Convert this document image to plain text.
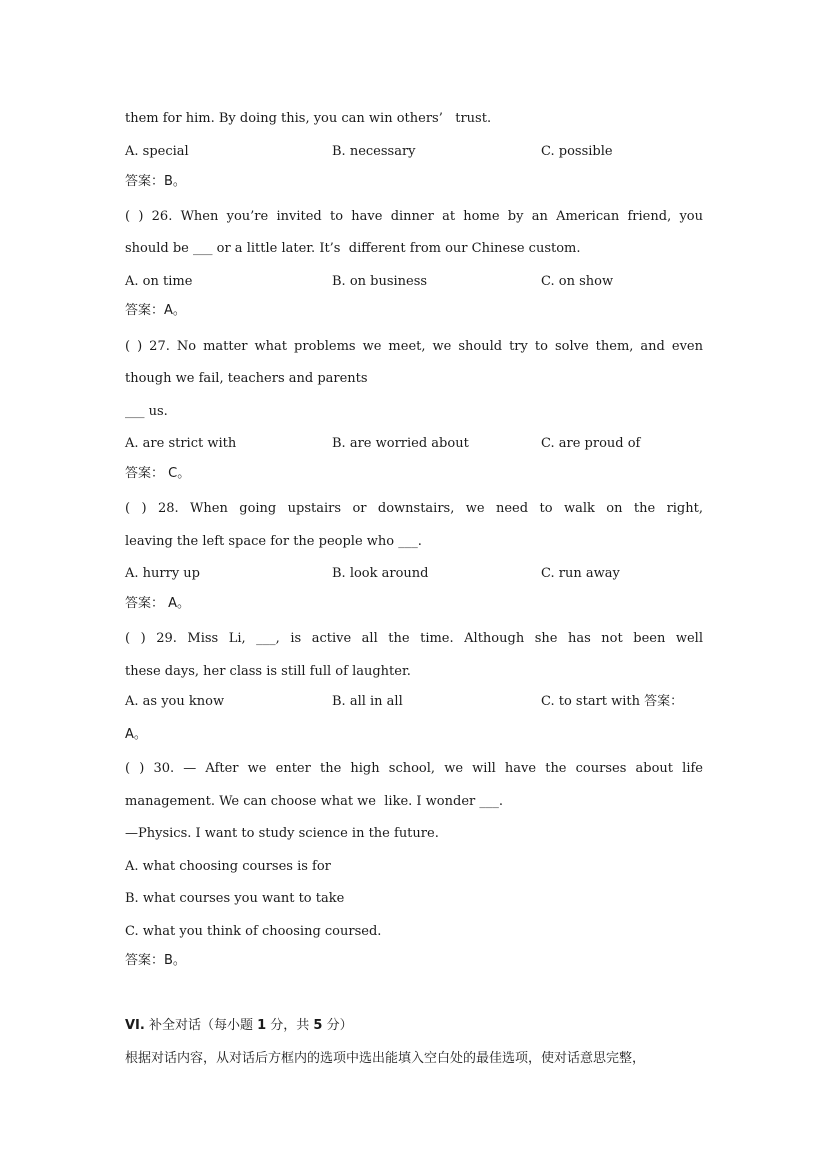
them for him. By doing this, you can win others’   trust.
A. special	B. necessary	C. possible
答案：B。
( ) 26. When you’re invited to have dinner at home by an American friend, you
should be ___ or a little later. It’s  different from our Chinese custom.
A. on time	B. on business	C. on show
答案：A。
( ) 27. No matter what problems we meet, we should try to solve them, and even
though we fail, teachers and parents
___ us.
A. are strict with	B. are worried about	C. are proud of
答案： C。
( ) 28. When going upstairs or downstairs, we need to walk on the right,
leaving the left space for the people who ___.
A. hurry up	B. look around	C. run away
答案： A。
( ) 29. Miss Li, ___, is active all the time. Although she has not been well
these days, her class is still full of laughter.
A. as you know	B. all in all	C. to start with 答案：
A。
( ) 30. — After we enter the high school, we will have the courses about life
management. We can choose what we  like. I wonder ___.
—Physics. I want to study science in the future.
A. what choosing courses is for
B. what courses you want to take
C. what you think of choosing coursed.
答案：B。
VI. 补全对话（每小题 1 分，共 5 分）
根据对话内容，从对话后方框内的选项中选出能填入空白处的最佳选项，使对话意思完整，
